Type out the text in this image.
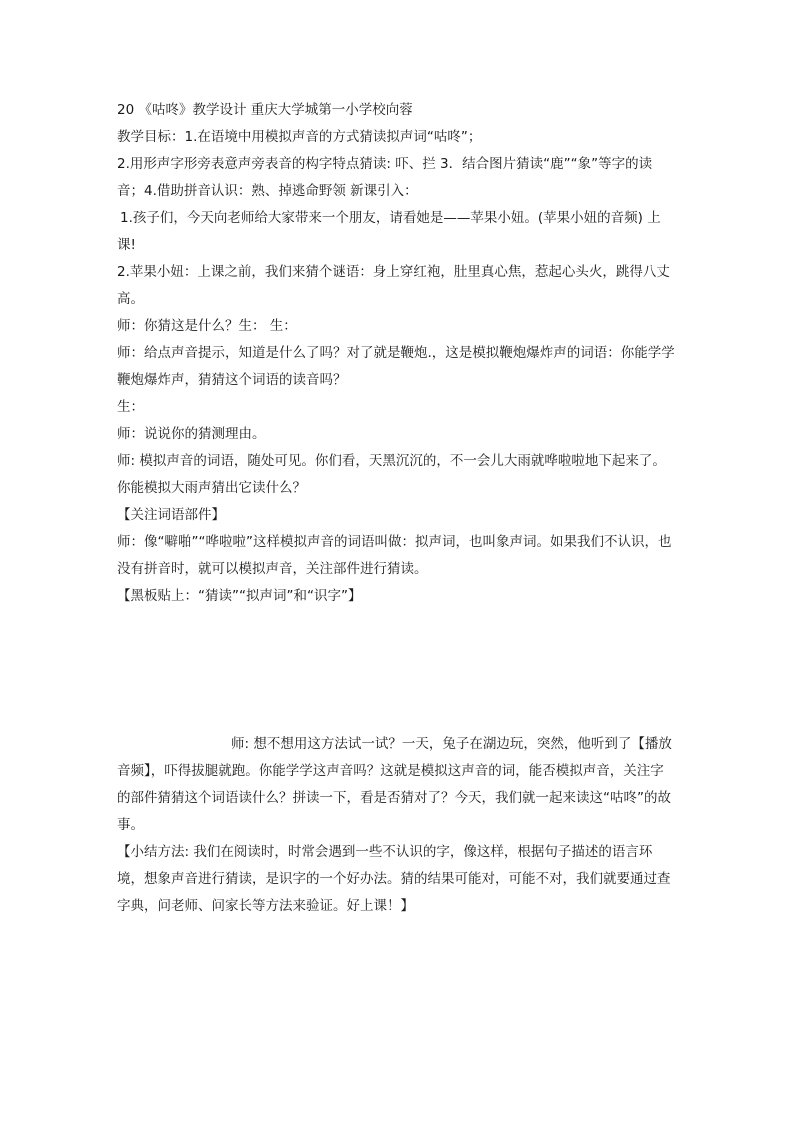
20 《咕咚》教学设计 重庆大学城第一小学校向蓉

教学目标：1.在语境中用模拟声音的方式猜读拟声词“咕咚”；

2.用形声字形旁表意声旁表音的构字特点猜读: 吓、拦 3．结合图片猜读“鹿”“象”等字的读音；4.借助拼音认识：熟、掉逃命野领 新课引入：

1.孩子们，今天向老师给大家带来一个朋友，请看她是——苹果小妞。(苹果小妞的音频) 上课!

2.苹果小妞：上课之前，我们来猜个谜语：身上穿红袍，肚里真心焦，惹起心头火，跳得八丈高。

师：你猜这是什么？生： 生：

师：给点声音提示，知道是什么了吗？对了就是鞭炮.，这是模拟鞭炮爆炸声的词语：你能学学鞭炮爆炸声，猜猜这个词语的读音吗？

生：

师：说说你的猜测理由。

师: 模拟声音的词语，随处可见。你们看，天黑沉沉的，不一会儿大雨就哗啦啦地下起来了。你能模拟大雨声猜出它读什么？

【关注词语部件】

师：像“噼啪”“哗啦啦”这样模拟声音的词语叫做：拟声词，也叫象声词。如果我们不认识，也没有拼音时，就可以模拟声音，关注部件进行猜读。

【黑板贴上：“猜读”“拟声词”和“识字”】

师: 想不想用这方法试一试？一天，兔子在湖边玩，突然，他听到了【播放音频】，吓得拔腿就跑。你能学学这声音吗？这就是模拟这声音的词，能否模拟声音，关注字的部件猜猜这个词语读什么？拼读一下，看是否猜对了？今天，我们就一起来读这“咕咚”的故事。

【小结方法: 我们在阅读时，时常会遇到一些不认识的字，像这样，根据句子描述的语言环境，想象声音进行猜读，是识字的一个好办法。猜的结果可能对，可能不对，我们就要通过查字典，问老师、问家长等方法来验证。好上课！】
